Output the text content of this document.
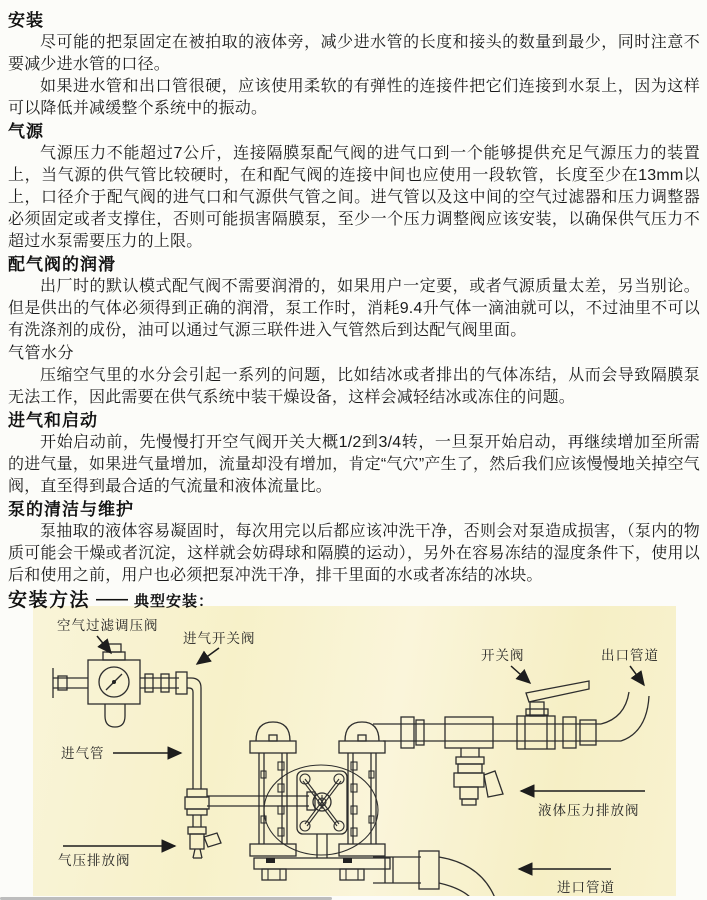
安装

尽可能的把泵固定在被拍取的液体旁，减少进水管的长度和接头的数量到最少，同时注意不要减少进水管的口径。

如果进水管和出口管很硬，应该使用柔软的有弹性的连接件把它们连接到水泵上，因为这样可以降低并减缓整个系统中的振动。

气源

气源压力不能超过7公斤，连接隔膜泵配气阀的进气口到一个能够提供充足气源压力的装置上，当气源的供气管比较硬时，在和配气阀的连接中间也应使用一段软管，长度至少在13mm以上，口径介于配气阀的进气口和气源供气管之间。进气管以及这中间的空气过滤器和压力调整器必须固定或者支撑住，否则可能损害隔膜泵，至少一个压力调整阀应该安装，以确保供气压力不超过水泵需要压力的上限。

配气阀的润滑

出厂时的默认模式配气阀不需要润滑的，如果用户一定要，或者气源质量太差，另当别论。但是供出的气体必须得到正确的润滑，泵工作时，消耗9.4升气体一滴油就可以，不过油里不可以有洗涤剂的成份，油可以通过气源三联件进入气管然后到达配气阀里面。

气管水分

压缩空气里的水分会引起一系列的问题，比如结冰或者排出的气体冻结，从而会导致隔膜泵无法工作，因此需要在供气系统中装干燥设备，这样会减轻结冰或冻住的问题。

进气和启动

开始启动前，先慢慢打开空气阀开关大概1/2到3/4转，一旦泵开始启动，再继续增加至所需的进气量，如果进气量增加，流量却没有增加，肯定“气穴”产生了，然后我们应该慢慢地关掉空气阀，直至得到最合适的气流量和液体流量比。

泵的清洁与维护

泵抽取的液体容易凝固时，每次用完以后都应该冲洗干净，否则会对泵造成损害，（泵内的物质可能会干燥或者沉淀，这样就会妨碍球和隔膜的运动），另外在容易冻结的湿度条件下，使用以后和使用之前，用户也必须把泵冲洗干净，排干里面的水或者冻结的冰块。

安装方法 —— 典型安装：
空气过滤调压阀
进气开关阀
进气管
气压排放阀
开关阀	出口管道
液体压力排放阀
进口管道
